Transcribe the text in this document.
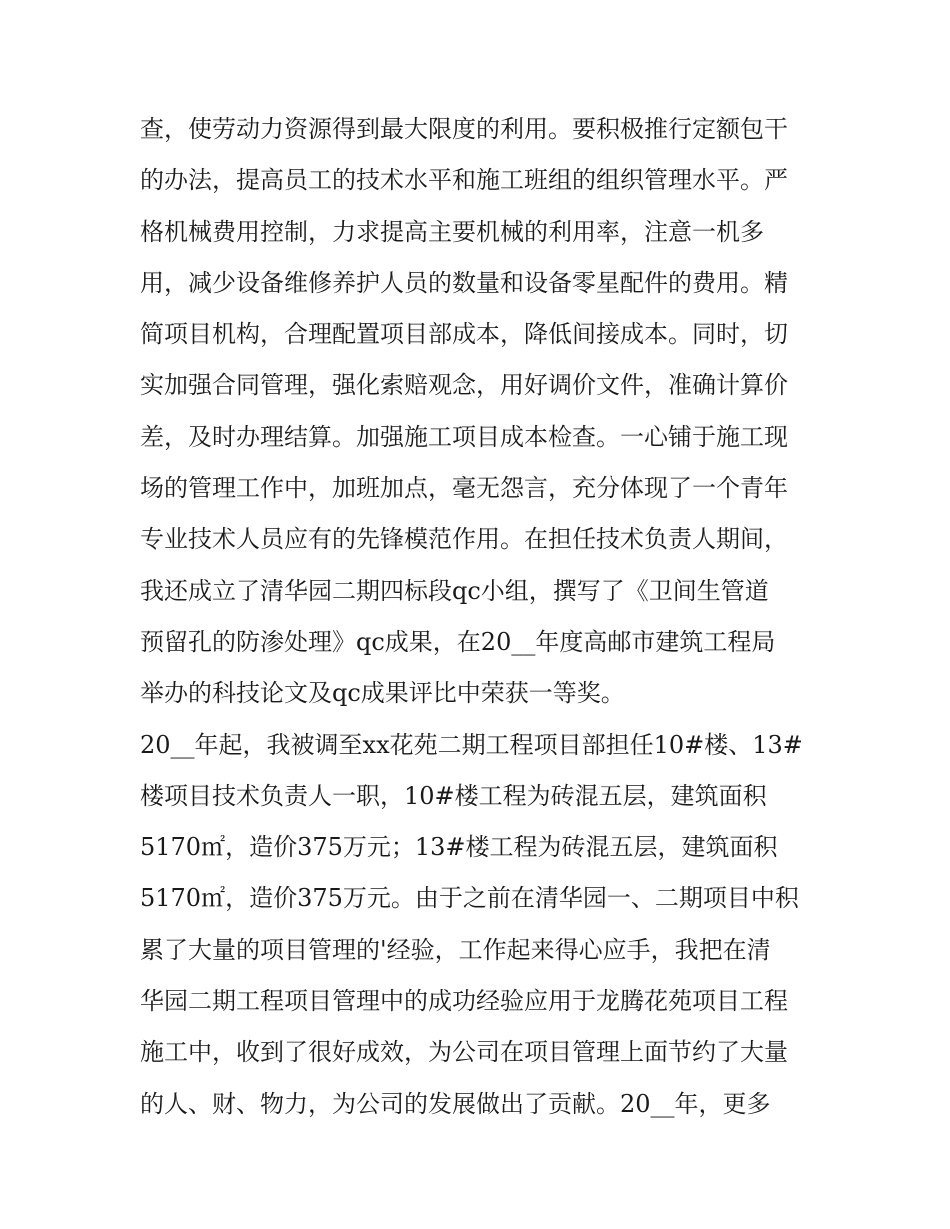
查，使劳动力资源得到最大限度的利用。要积极推行定额包干
的办法，提高员工的技术水平和施工班组的组织管理水平。严
格机械费用控制，力求提高主要机械的利用率，注意一机多
用，减少设备维修养护人员的数量和设备零星配件的费用。精
简项目机构，合理配置项目部成本，降低间接成本。同时，切
实加强合同管理，强化索赔观念，用好调价文件，准确计算价
差，及时办理结算。加强施工项目成本检查。一心铺于施工现
场的管理工作中，加班加点，毫无怨言，充分体现了一个青年
专业技术人员应有的先锋模范作用。在担任技术负责人期间，
我还成立了清华园二期四标段qc小组，撰写了《卫间生管道
预留孔的防渗处理》qc成果，在20__年度高邮市建筑工程局
举办的科技论文及qc成果评比中荣获一等奖。
20__年起，我被调至xx花苑二期工程项目部担任10#楼、13#
楼项目技术负责人一职，10#楼工程为砖混五层，建筑面积
5170㎡，造价375万元；13#楼工程为砖混五层，建筑面积
5170㎡，造价375万元。由于之前在清华园一、二期项目中积
累了大量的项目管理的'经验，工作起来得心应手，我把在清
华园二期工程项目管理中的成功经验应用于龙腾花苑项目工程
施工中，收到了很好成效，为公司在项目管理上面节约了大量
的人、财、物力，为公司的发展做出了贡献。20__年，更多
